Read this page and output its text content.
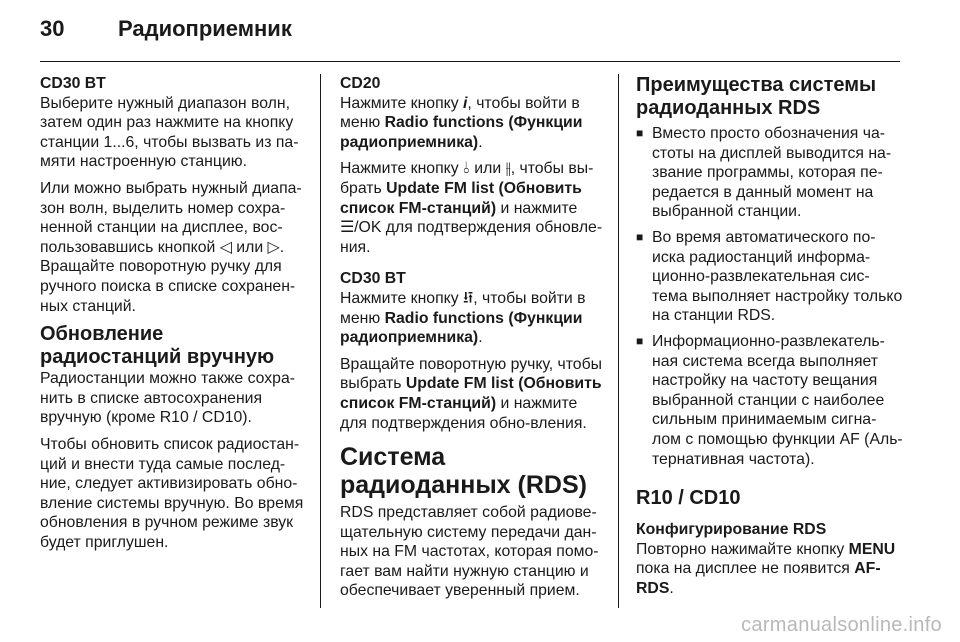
30 Радиоприемник
CD30 BT

Выберите нужный диапазон волн, затем один раз нажмите на кнопку станции 1...6, чтобы вызвать из па-мяти настроенную станцию.

Или можно выбрать нужный диапа-зон волн, выделить номер сохра-ненной станции на дисплее, вос-пользовавшись кнопкой ◁ или ▷. Вращайте поворотную ручку для ручного поиска в списке сохранен-ных станций.

Обновление радиостанций вручную

Радиостанции можно также сохра-нить в списке автосохранения вручную (кроме R10 / CD10).

Чтобы обновить список радиостан-ций и внести туда самые послед-ние, следует активизировать обно-вление системы вручную. Во время обновления в ручном режиме звук будет приглушен.

CD20

Нажмите кнопку i, чтобы войти в меню Radio functions (Функции радиоприемника).

Нажмите кнопку ⫰ или ⫲, чтобы вы-брать Update FM list (Обновить список FM-станций) и нажмите ☰/OK для подтверждения обновле-ния.

CD30 BT

Нажмите кнопку ⭿, чтобы войти в меню Radio functions (Функции радиоприемника).

Вращайте поворотную ручку, чтобы выбрать Update FM list (Обновить список FM-станций) и нажмите для подтверждения обно-вления.

Система радиоданных (RDS)

RDS представляет собой радиове-щательную систему передачи дан-ных на FM частотах, которая помо-гает вам найти нужную станцию и обеспечивает уверенный прием.

Преимущества системы радиоданных RDS
■ Вместо просто обозначения ча-стоты на дисплей выводится на-звание программы, которая пе-редается в данный момент на выбранной станции.
■ Во время автоматического по-иска радиостанций информа-ционно-развлекательная сис-тема выполняет настройку только на станции RDS.
■ Информационно-развлекатель-ная система всегда выполняет настройку на частоту вещания выбранной станции с наиболее сильным принимаемым сигна-лом с помощью функции AF (Аль-тернативная частота).
R10 / CD10
Конфигурирование RDS

Повторно нажимайте кнопку MENU пока на дисплее не появится AF-RDS.

carmanualsonline.info
